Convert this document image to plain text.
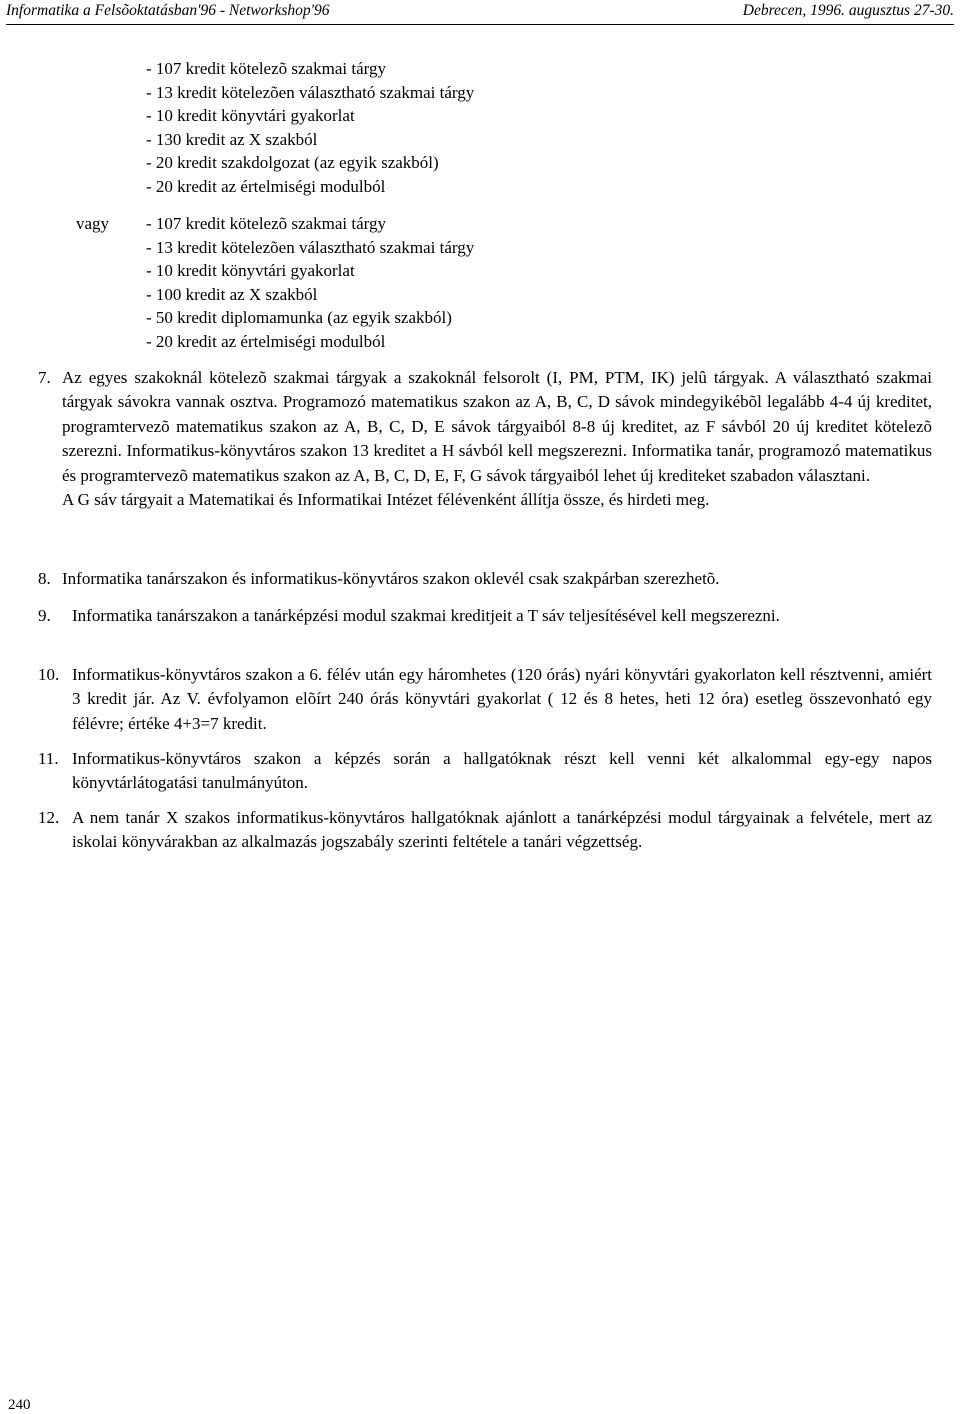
Informatika a Felsõoktatásban'96 - Networkshop'96	Debrecen, 1996. augusztus 27-30.
- 107 kredit kötelezõ szakmai tárgy
- 13 kredit kötelezõen választható szakmai tárgy
- 10 kredit könyvtári gyakorlat
- 130 kredit az X szakból
- 20 kredit szakdolgozat (az egyik szakból)
- 20 kredit az értelmiségi modulból
vagy - 107 kredit kötelezõ szakmai tárgy
- 13 kredit kötelezõen választható szakmai tárgy
- 10 kredit könyvtári gyakorlat
- 100 kredit az X szakból
- 50 kredit diplomamunka (az egyik szakból)
- 20 kredit az értelmiségi modulból
7. Az egyes szakoknál kötelezõ szakmai tárgyak a szakoknál felsorolt (I, PM, PTM, IK) jelû tárgyak. A választható szakmai tárgyak sávokra vannak osztva. Programozó matematikus szakon az A, B, C, D sávok mindegyikébõl legalább 4-4 új kreditet, programtervezõ matematikus szakon az A, B, C, D, E sávok tárgyaiból 8-8 új kreditet, az F sávból 20 új kreditet kötelezõ szerezni. Informatikus-könyvtáros szakon 13 kreditet a H sávból kell megszerezni. Informatika tanár, programozó matematikus és programtervezõ matematikus szakon az A, B, C, D, E, F, G sávok tárgyaiból lehet új krediteket szabadon választani.

A G sáv tárgyait a Matematikai és Informatikai Intézet félévenként állítja össze, és hirdeti meg.

8. Informatika tanárszakon és informatikus-könyvtáros szakon oklevél csak szakpárban szerezhetõ.

9. Informatika tanárszakon a tanárképzési modul szakmai kreditjeit a T sáv teljesítésével kell megszerezni.

10. Informatikus-könyvtáros szakon a 6. félév után egy háromhetes (120 órás) nyári könyvtári gyakorlaton kell résztvenni, amiért 3 kredit jár. Az V. évfolyamon elõírt 240 órás könyvtári gyakorlat ( 12 és 8 hetes, heti 12 óra) esetleg összevonható egy félévre; értéke 4+3=7 kredit.

11. Informatikus-könyvtáros szakon a képzés során a hallgatóknak részt kell venni két alkalommal egy-egy napos könyvtárlátogatási tanulmányúton.

12. A nem tanár X szakos informatikus-könyvtáros hallgatóknak ajánlott a tanárképzési modul tárgyainak a felvétele, mert az iskolai könyvárakban az alkalmazás jogszabály szerinti feltétele a tanári végzettség.

240
